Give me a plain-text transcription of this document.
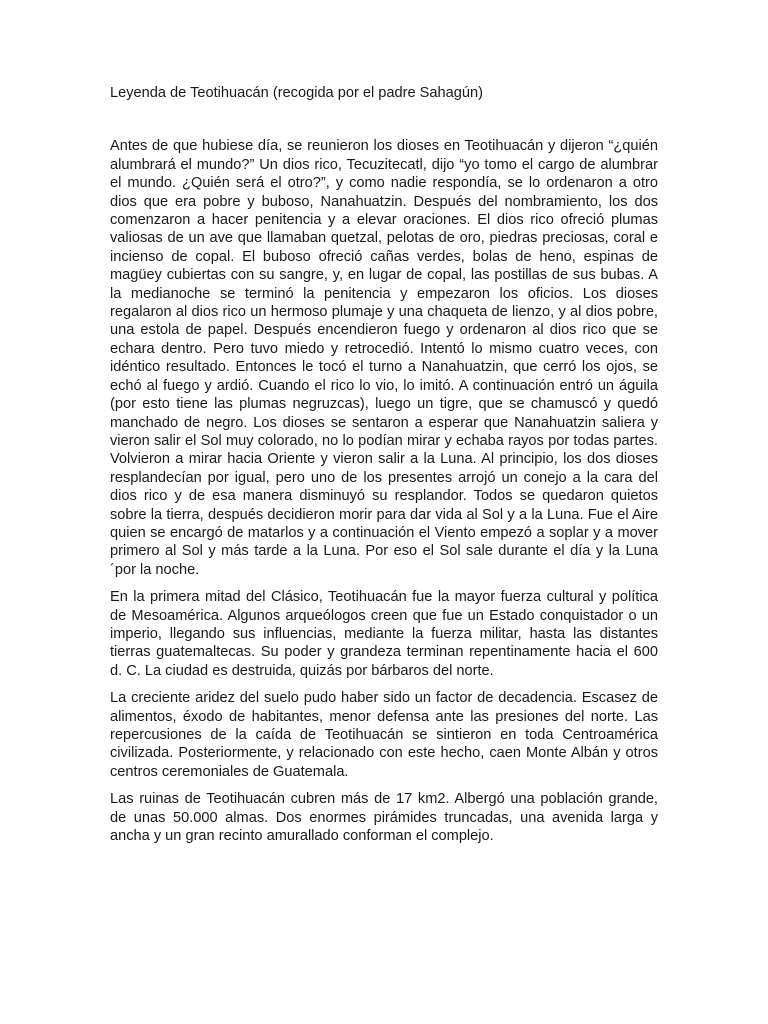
Leyenda de Teotihuacán (recogida por el padre Sahagún)

Antes de que hubiese día, se reunieron los dioses en Teotihuacán y dijeron “¿quién alumbrará el mundo?” Un dios rico, Tecuzitecatl, dijo “yo tomo el cargo de alumbrar el mundo. ¿Quién será el otro?”, y como nadie respondía, se lo ordenaron a otro dios que era pobre y buboso, Nanahuatzin. Después del nombramiento, los dos comenzaron a hacer penitencia y a elevar oraciones. El dios rico ofreció plumas valiosas de un ave que llamaban quetzal, pelotas de oro, piedras preciosas, coral e incienso de copal. El buboso ofreció cañas verdes, bolas de heno, espinas de magüey cubiertas con su sangre, y, en lugar de copal, las postillas de sus bubas. A la medianoche se terminó la penitencia y empezaron los oficios. Los dioses regalaron al dios rico un hermoso plumaje y una chaqueta de lienzo, y al dios pobre, una estola de papel. Después encendieron fuego y ordenaron al dios rico que se echara dentro. Pero tuvo miedo y retrocedió. Intentó lo mismo cuatro veces, con idéntico resultado. Entonces le tocó el turno a Nanahuatzin, que cerró los ojos, se echó al fuego y ardió. Cuando el rico lo vio, lo imitó. A continuación entró un águila (por esto tiene las plumas negruzcas), luego un tigre, que se chamuscó y quedó manchado de negro. Los dioses se sentaron a esperar que Nanahuatzin saliera y vieron salir el Sol muy colorado, no lo podían mirar y echaba rayos por todas partes. Volvieron a mirar hacia Oriente y vieron salir a la Luna. Al principio, los dos dioses resplandecían por igual, pero uno de los presentes arrojó un conejo a la cara del dios rico y de esa manera disminuyó su resplandor. Todos se quedaron quietos sobre la tierra, después decidieron morir para dar vida al Sol y a la Luna. Fue el Aire quien se encargó de matarlos y a continuación el Viento empezó a soplar y a mover primero al Sol y más tarde a la Luna. Por eso el Sol sale durante el día y la Luna ´por la noche.

En la primera mitad del Clásico, Teotihuacán fue la mayor fuerza cultural y política de Mesoamérica. Algunos arqueólogos creen que fue un Estado conquistador o un imperio, llegando sus influencias, mediante la fuerza militar, hasta las distantes tierras guatemaltecas. Su poder y grandeza terminan repentinamente hacia el 600 d. C. La ciudad es destruida, quizás por bárbaros del norte.

La creciente aridez del suelo pudo haber sido un factor de decadencia. Escasez de alimentos, éxodo de habitantes, menor defensa ante las presiones del norte. Las repercusiones de la caída de Teotihuacán se sintieron en toda Centroamérica civilizada. Posteriormente, y relacionado con este hecho, caen Monte Albán y otros centros ceremoniales de Guatemala.

Las ruinas de Teotihuacán cubren más de 17 km2. Albergó una población grande, de unas 50.000 almas. Dos enormes pirámides truncadas, una avenida larga y ancha y un gran recinto amurallado conforman el complejo.
